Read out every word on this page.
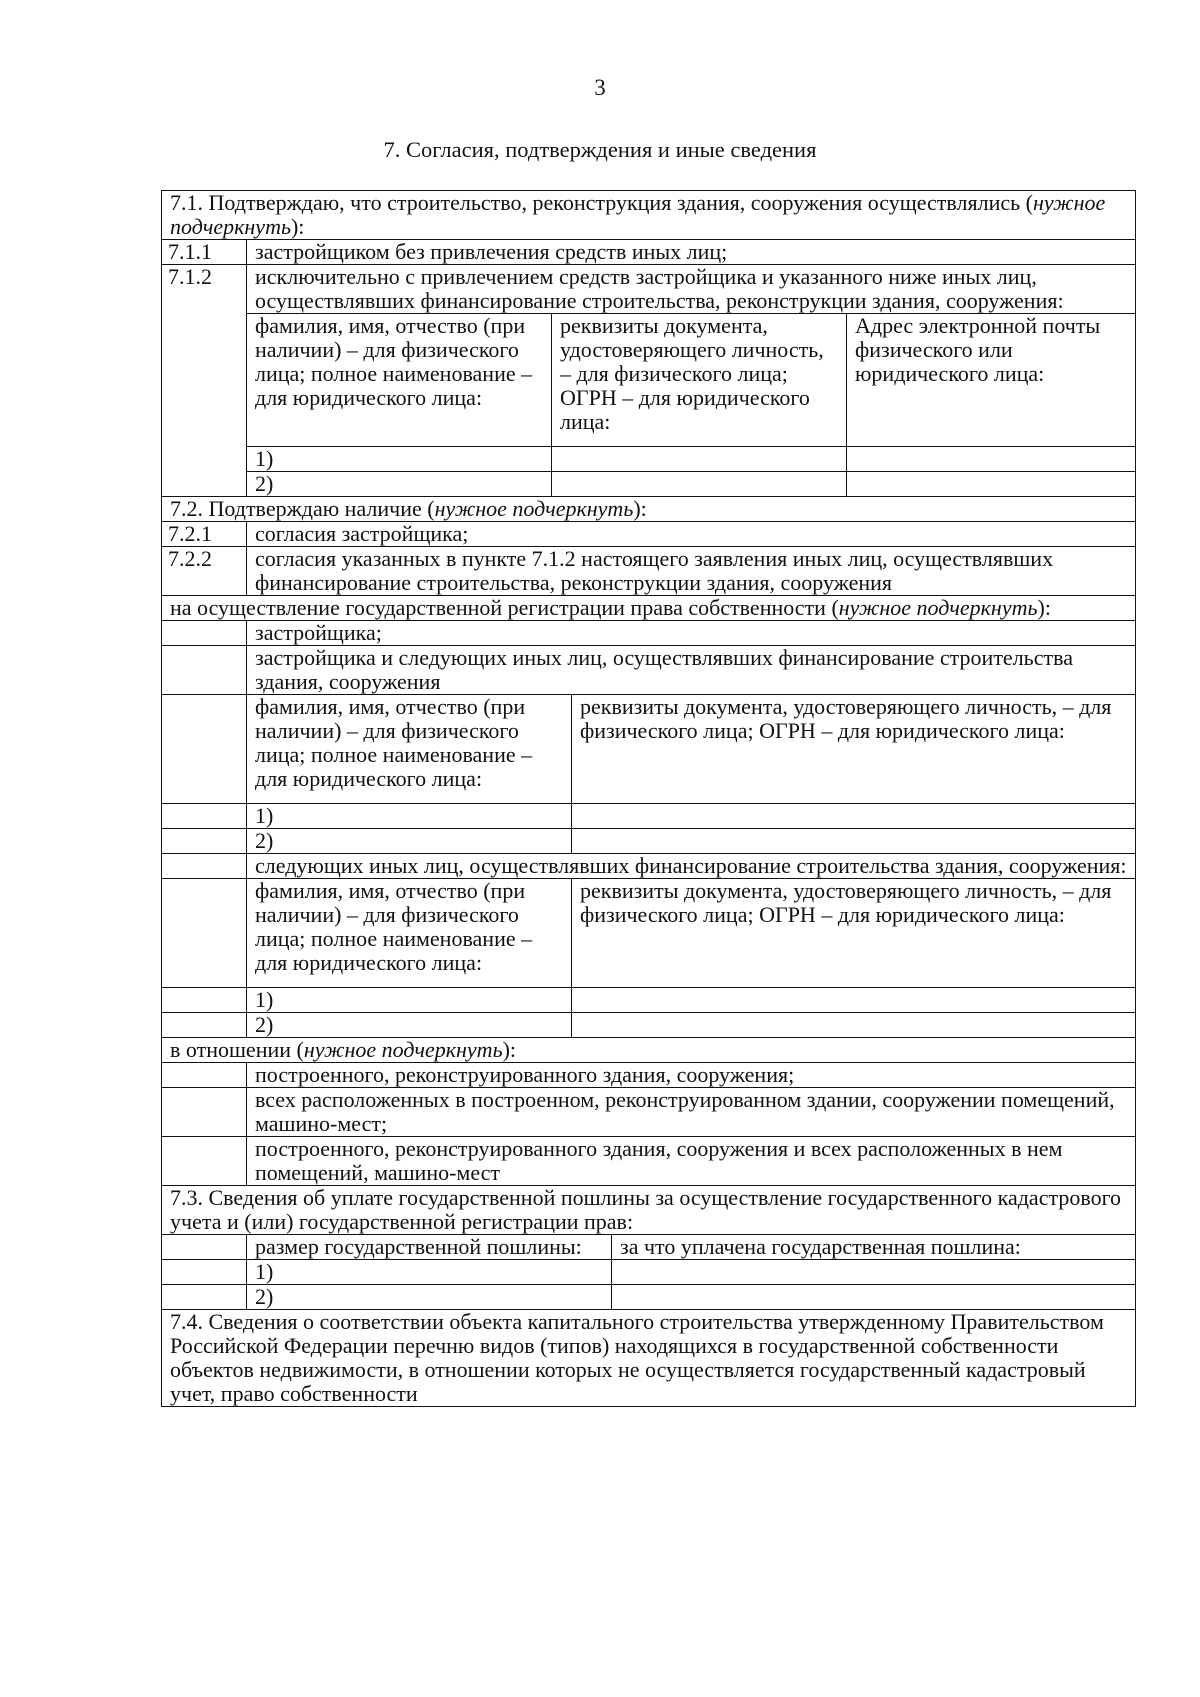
3
7. Согласия, подтверждения и иные сведения
7.1. Подтверждаю, что строительство, реконструкция здания, сооружения осуществлялись (нужное подчеркнуть):					
7.1.1	застройщиком без привлечения средств иных лиц;				
7.1.2	исключительно с привлечением средств застройщика и указанного ниже иных лиц, осуществлявших финансирование строительства, реконструкции здания, сооружения:				
	фамилия, имя, отчество (при наличии) – для физического лица; полное наименование – для юридического лица:	реквизиты документа, удостоверяющего личность, – для физического лица; ОГРН – для юридического лица:			Адрес электронной почты физического или юридического лица:
	1)				
	2)				
7.2. Подтверждаю наличие (нужное подчеркнуть):					
7.2.1	согласия застройщика;				
7.2.2	согласия указанных в пункте 7.1.2 настоящего заявления иных лиц, осуществлявших финансирование строительства, реконструкции здания, сооружения				
на осуществление государственной регистрации права собственности (нужное подчеркнуть):					
	застройщика;				
	застройщика и следующих иных лиц, осуществлявших финансирование строительства здания, сооружения				
	фамилия, имя, отчество (при наличии) – для физического лица; полное наименование – для юридического лица:		реквизиты документа, удостоверяющего личность, – для физического лица; ОГРН – для юридического лица:		
	1)				
	2)				
	следующих иных лиц, осуществлявших финансирование строительства здания, сооружения:				
	фамилия, имя, отчество (при наличии) – для физического лица; полное наименование – для юридического лица:		реквизиты документа, удостоверяющего личность, – для физического лица; ОГРН – для юридического лица:		
	1)				
	2)				
в отношении (нужное подчеркнуть):					
	построенного, реконструированного здания, сооружения;				
	всех расположенных в построенном, реконструированном здании, сооружении помещений, машино-мест;				
	построенного, реконструированного здания, сооружения и всех расположенных в нем помещений, машино-мест				
7.3. Сведения об уплате государственной пошлины за осуществление государственного кадастрового учета и (или) государственной регистрации прав:					
	размер государственной пошлины:			за что уплачена государственная пошлина:	
	1)				
	2)				
7.4. Сведения о соответствии объекта капитального строительства утвержденному Правительством Российской Федерации перечню видов (типов) находящихся в государственной собственности объектов недвижимости, в отношении которых не осуществляется государственный кадастровый учет, право собственности					
